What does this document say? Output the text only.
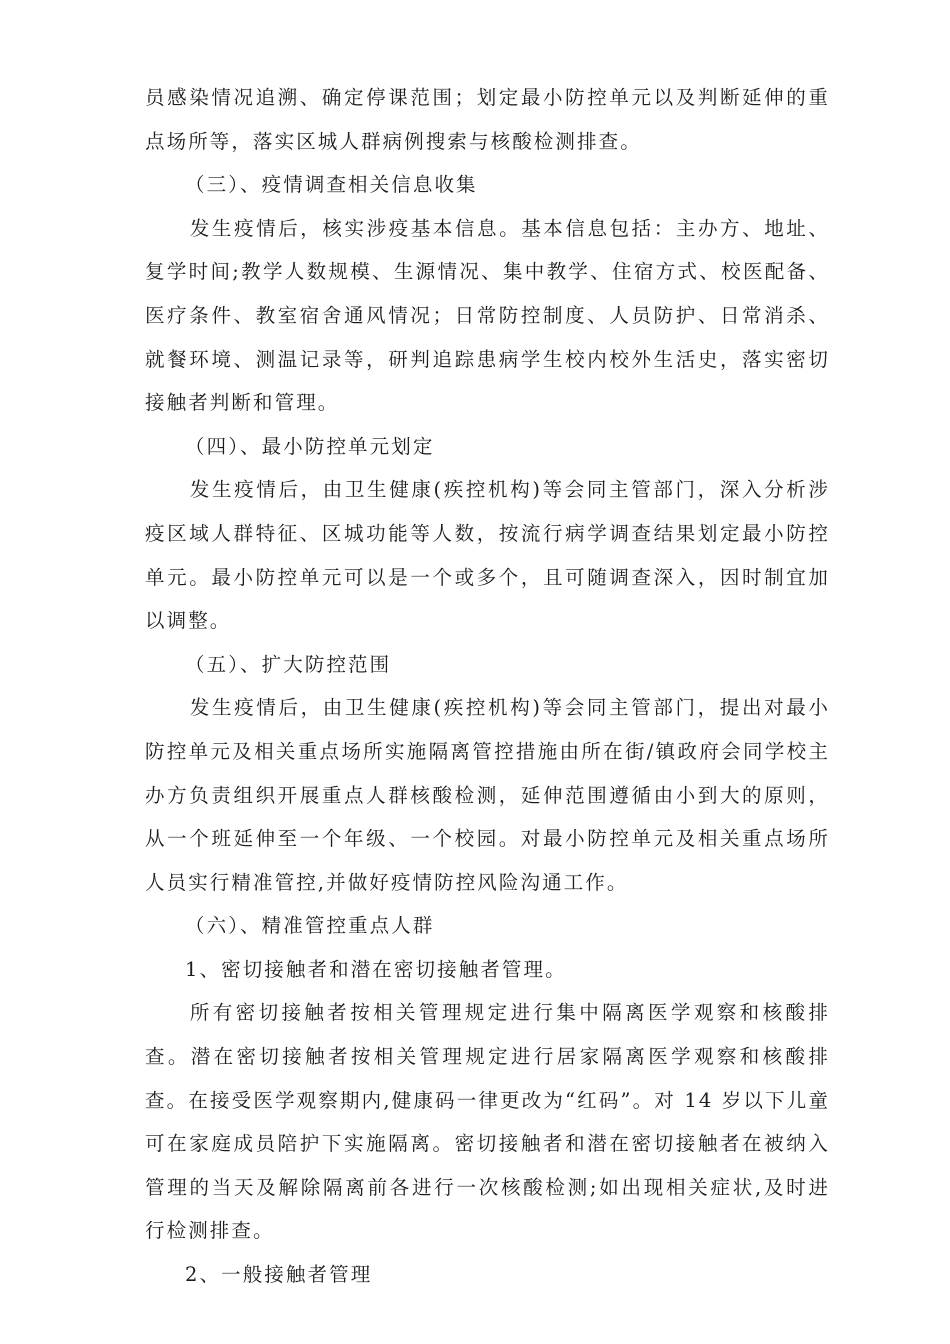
员感染情况追溯、确定停课范围；划定最小防控单元以及判断延伸的重点场所等，落实区城人群病例搜索与核酸检测排查。

（三）、疫情调查相关信息收集

发生疫情后，核实涉疫基本信息。基本信息包括：主办方、地址、复学时间;教学人数规模、生源情况、集中教学、住宿方式、校医配备、医疗条件、教室宿舍通风情况；日常防控制度、人员防护、日常消杀、就餐环境、测温记录等，研判追踪患病学生校内校外生活史，落实密切接触者判断和管理。

（四）、最小防控单元划定

发生疫情后，由卫生健康(疾控机构)等会同主管部门，深入分析涉疫区域人群特征、区城功能等人数，按流行病学调查结果划定最小防控单元。最小防控单元可以是一个或多个，且可随调查深入，因时制宜加以调整。

（五）、扩大防控范围

发生疫情后，由卫生健康(疾控机构)等会同主管部门，提出对最小防控单元及相关重点场所实施隔离管控措施由所在街/镇政府会同学校主办方负责组织开展重点人群核酸检测，延伸范围遵循由小到大的原则，从一个班延伸至一个年级、一个校园。对最小防控单元及相关重点场所人员实行精准管控,并做好疫情防控风险沟通工作。

（六）、精准管控重点人群

1、密切接触者和潜在密切接触者管理。

所有密切接触者按相关管理规定进行集中隔离医学观察和核酸排查。潜在密切接触者按相关管理规定进行居家隔离医学观察和核酸排查。在接受医学观察期内,健康码一律更改为“红码”。对 14 岁以下儿童可在家庭成员陪护下实施隔离。密切接触者和潜在密切接触者在被纳入管理的当天及解除隔离前各进行一次核酸检测;如出现相关症状,及时进行检测排查。

2、一般接触者管理
